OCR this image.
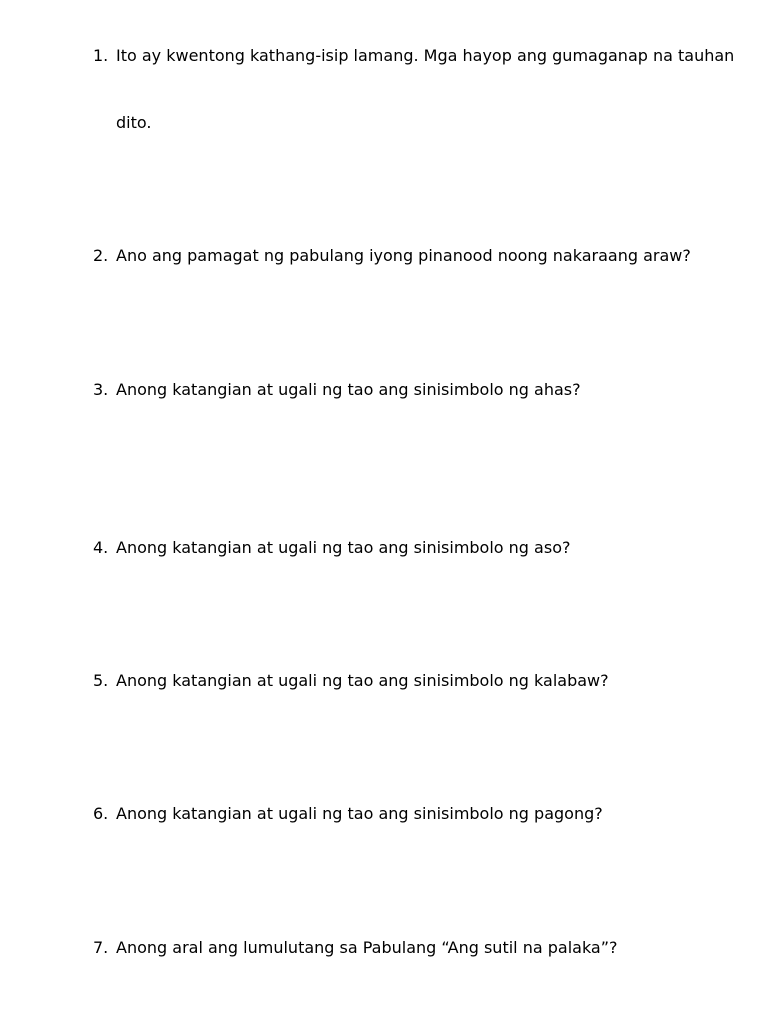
1. Ito ay kwentong kathang-isip lamang. Mga hayop ang gumaganap na tauhan
dito.
2. Ano ang pamagat ng pabulang iyong pinanood noong nakaraang araw?
3. Anong katangian at ugali ng tao ang sinisimbolo ng ahas?
4. Anong katangian at ugali ng tao ang sinisimbolo ng aso?
5. Anong katangian at ugali ng tao ang sinisimbolo ng kalabaw?
6. Anong katangian at ugali ng tao ang sinisimbolo ng pagong?
7. Anong aral ang lumulutang sa Pabulang “Ang sutil na palaka”?
